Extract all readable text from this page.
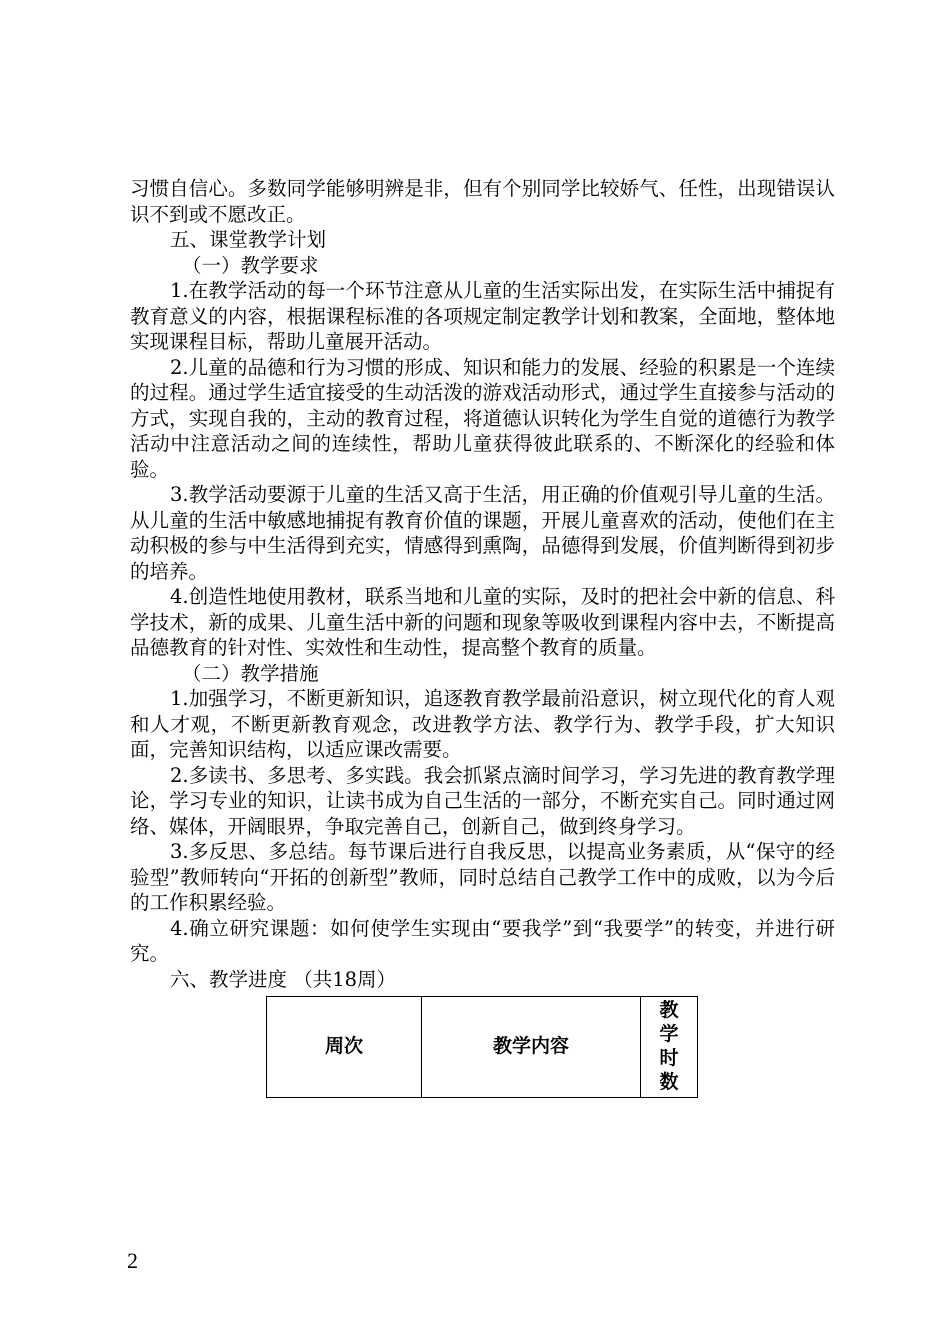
习惯自信心。多数同学能够明辨是非，但有个别同学比较娇气、任性，出现错误认识不到或不愿改正。

五、课堂教学计划

（一）教学要求

1.在教学活动的每一个环节注意从儿童的生活实际出发，在实际生活中捕捉有教育意义的内容，根据课程标准的各项规定制定教学计划和教案，全面地，整体地实现课程目标，帮助儿童展开活动。

2.儿童的品德和行为习惯的形成、知识和能力的发展、经验的积累是一个连续的过程。通过学生适宜接受的生动活泼的游戏活动形式，通过学生直接参与活动的方式，实现自我的，主动的教育过程，将道德认识转化为学生自觉的道德行为教学活动中注意活动之间的连续性，帮助儿童获得彼此联系的、不断深化的经验和体验。

3.教学活动要源于儿童的生活又高于生活，用正确的价值观引导儿童的生活。从儿童的生活中敏感地捕捉有教育价值的课题，开展儿童喜欢的活动，使他们在主动积极的参与中生活得到充实，情感得到熏陶，品德得到发展，价值判断得到初步的培养。

4.创造性地使用教材，联系当地和儿童的实际，及时的把社会中新的信息、科学技术，新的成果、儿童生活中新的问题和现象等吸收到课程内容中去，不断提高品德教育的针对性、实效性和生动性，提高整个教育的质量。

（二）教学措施

1.加强学习，不断更新知识，追逐教育教学最前沿意识，树立现代化的育人观和人才观，不断更新教育观念，改进教学方法、教学行为、教学手段，扩大知识面，完善知识结构，以适应课改需要。

2.多读书、多思考、多实践。我会抓紧点滴时间学习，学习先进的教育教学理论，学习专业的知识，让读书成为自己生活的一部分，不断充实自己。同时通过网络、媒体，开阔眼界，争取完善自己，创新自己，做到终身学习。

3.多反思、多总结。每节课后进行自我反思，以提高业务素质，从“保守的经验型”教师转向“开拓的创新型”教师，同时总结自己教学工作中的成败，以为今后的工作积累经验。

4.确立研究课题：如何使学生实现由“要我学”到“我要学”的转变，并进行研究。

六、教学进度 （共18周）

周次	教学内容	教学时数
2
